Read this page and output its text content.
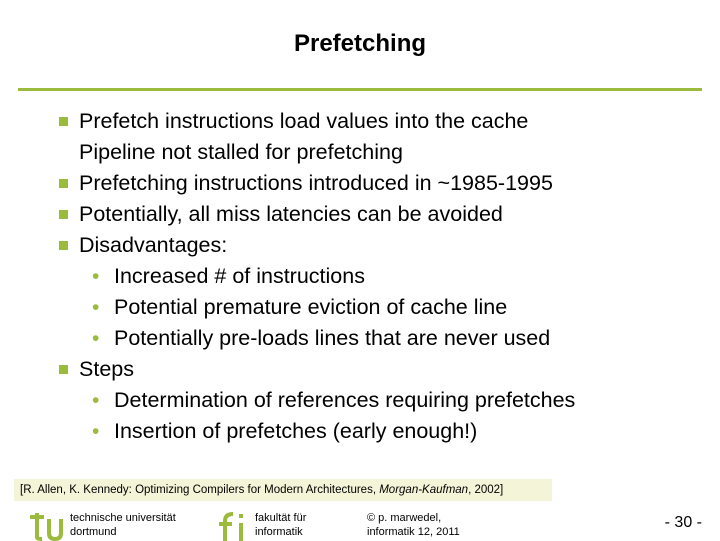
Prefetching
Prefetch instructions load values into the cache
Pipeline not stalled for prefetching
Prefetching instructions introduced in ~1985-1995
Potentially, all miss latencies can be avoided
Disadvantages:
• Increased # of instructions
• Potential premature eviction of cache line
• Potentially pre-loads lines that are never used
Steps
• Determination of references requiring prefetches
• Insertion of prefetches (early enough!)
[R. Allen, K. Kennedy: Optimizing Compilers for Modern Architectures, Morgan-Kaufman, 2002]
technische universität
dortmund
fakultät für
informatik
© p. marwedel,
informatik 12, 2011
- 30 -
